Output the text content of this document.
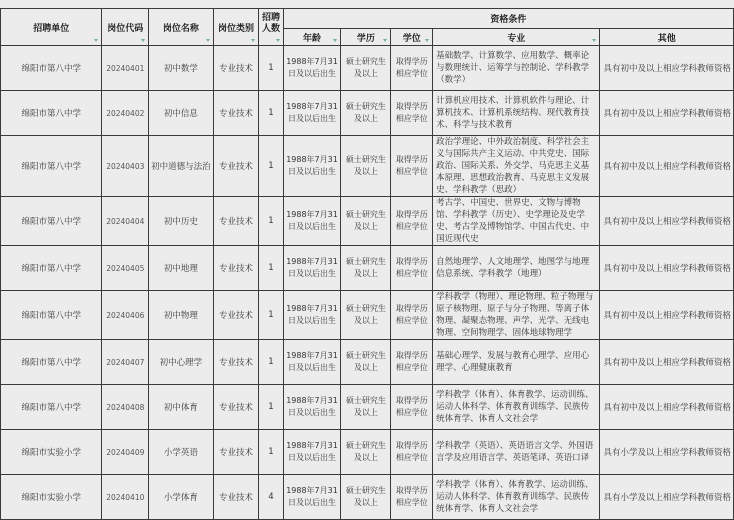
招聘单位	岗位代码	岗位名称	岗位类别	招聘人数	资格条件				
					年龄	学历	学位	专业	其他
绵阳市第八中学	20240401	初中数学	专业技术	1	1988年7月31日及以后出生	硕士研究生及以上	取得学历相应学位	基础数学、计算数学、应用数学、概率论与数理统计、运筹学与控制论、学科教学（数学）	具有初中及以上相应学科教师资格
绵阳市第八中学	20240402	初中信息	专业技术	1	1988年7月31日及以后出生	硕士研究生及以上	取得学历相应学位	计算机应用技术、计算机软件与理论、计算机技术、计算机系统结构、现代教育技术、科学与技术教育	具有初中及以上相应学科教师资格
绵阳市第八中学	20240403	初中道德与法治	专业技术	1	1988年7月31日及以后出生	硕士研究生及以上	取得学历相应学位	政治学理论、中外政治制度、科学社会主义与国际共产主义运动、中共党史、国际政治、国际关系、外交学、马克思主义基本原理、思想政治教育、马克思主义发展史、学科教学（思政）	具有初中及以上相应学科教师资格
绵阳市第八中学	20240404	初中历史	专业技术	1	1988年7月31日及以后出生	硕士研究生及以上	取得学历相应学位	考古学、中国史、世界史、文物与博物馆、学科教学（历史）、史学理论及史学史、考古学及博物馆学、中国古代史、中国近现代史	具有初中及以上相应学科教师资格
绵阳市第八中学	20240405	初中地理	专业技术	1	1988年7月31日及以后出生	硕士研究生及以上	取得学历相应学位	自然地理学、人文地理学、地图学与地理信息系统、学科教学（地理）	具有初中及以上相应学科教师资格
绵阳市第八中学	20240406	初中物理	专业技术	1	1988年7月31日及以后出生	硕士研究生及以上	取得学历相应学位	学科教学（物理）、理论物理、粒子物理与原子核物理、原子与分子物理、等离子体物理、凝聚态物理、声学、光学、无线电物理、空间物理学、固体地球物理学	具有初中及以上相应学科教师资格
绵阳市第八中学	20240407	初中心理学	专业技术	1	1988年7月31日及以后出生	硕士研究生及以上	取得学历相应学位	基础心理学、发展与教育心理学、应用心理学、心理健康教育	具有初中及以上相应学科教师资格
绵阳市第八中学	20240408	初中体育	专业技术	1	1988年7月31日及以后出生	硕士研究生及以上	取得学历相应学位	学科教学（体育）、体育教学、运动训练、运动人体科学、体育教育训练学、民族传统体育学、体育人文社会学	具有初中及以上相应学科教师资格
绵阳市实验小学	20240409	小学英语	专业技术	1	1988年7月31日及以后出生	硕士研究生及以上	取得学历相应学位	学科教学（英语）、英语语言文学、外国语言学及应用语言学、英语笔译、英语口译	具有小学及以上相应学科教师资格
绵阳市实验小学	20240410	小学体育	专业技术	4	1988年7月31日及以后出生	硕士研究生及以上	取得学历相应学位	学科教学（体育）、体育教学、运动训练、运动人体科学、体育教育训练学、民族传统体育学、体育人文社会学	具有小学及以上相应学科教师资格
